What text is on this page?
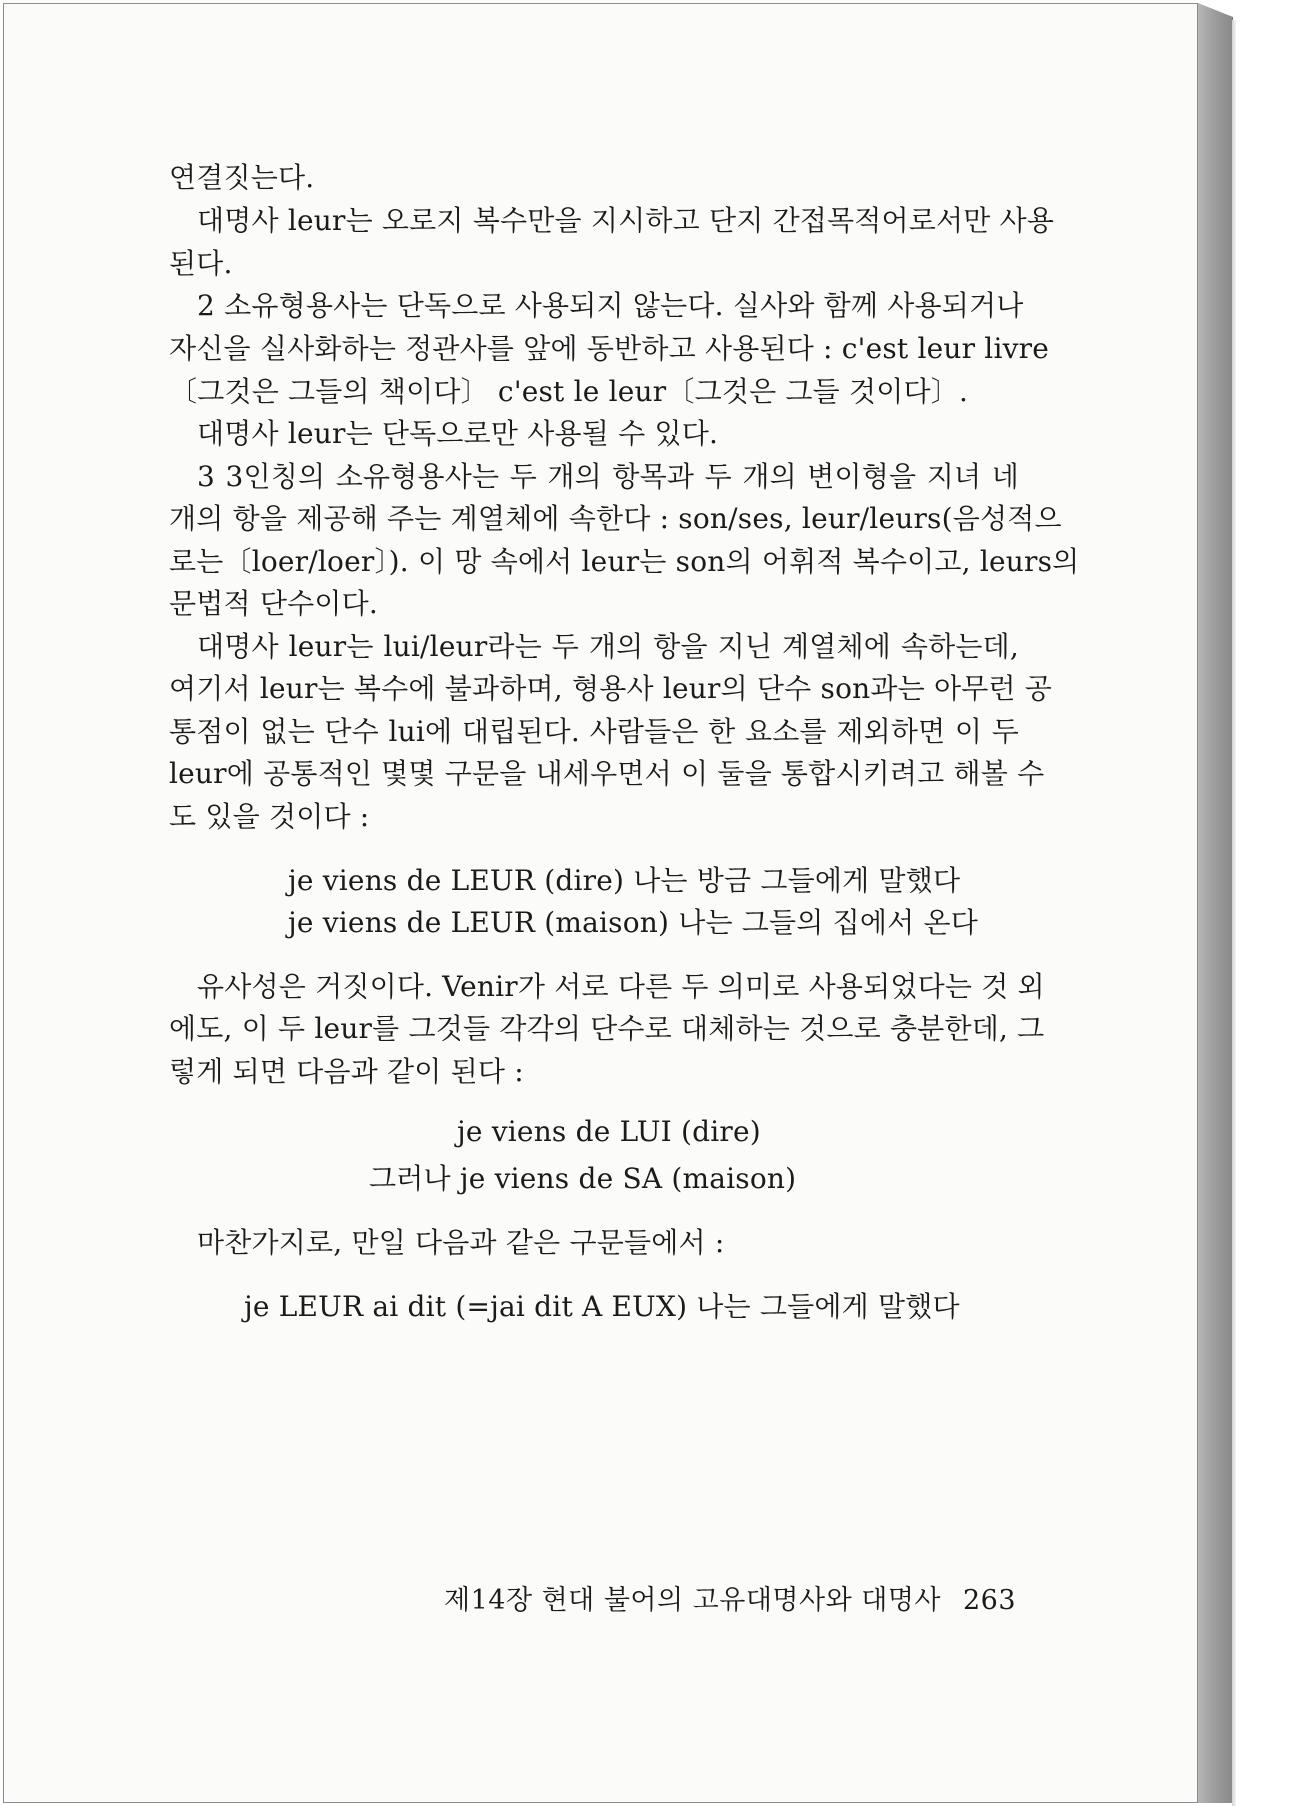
연결짓는다.
대명사 leur는 오로지 복수만을 지시하고 단지 간접목적어로서만 사용
된다.
2 소유형용사는 단독으로 사용되지 않는다. 실사와 함께 사용되거나
자신을 실사화하는 정관사를 앞에 동반하고 사용된다 : c'est leur livre
〔그것은 그들의 책이다〕 c'est le leur〔그것은 그들 것이다〕.
대명사 leur는 단독으로만 사용될 수 있다.
3 3인칭의 소유형용사는 두 개의 항목과 두 개의 변이형을 지녀 네
개의 항을 제공해 주는 계열체에 속한다 : son/ses, leur/leurs(음성적으
로는〔loer/loer〕). 이 망 속에서 leur는 son의 어휘적 복수이고, leurs의
문법적 단수이다.
대명사 leur는 lui/leur라는 두 개의 항을 지닌 계열체에 속하는데,
여기서 leur는 복수에 불과하며, 형용사 leur의 단수 son과는 아무런 공
통점이 없는 단수 lui에 대립된다. 사람들은 한 요소를 제외하면 이 두
leur에 공통적인 몇몇 구문을 내세우면서 이 둘을 통합시키려고 해볼 수
도 있을 것이다 :
je viens de LEUR (dire) 나는 방금 그들에게 말했다
je viens de LEUR (maison) 나는 그들의 집에서 온다
유사성은 거짓이다. Venir가 서로 다른 두 의미로 사용되었다는 것 외
에도, 이 두 leur를 그것들 각각의 단수로 대체하는 것으로 충분한데, 그
렇게 되면 다음과 같이 된다 :
je viens de LUI (dire)
그러나 je viens de SA (maison)
마찬가지로, 만일 다음과 같은 구문들에서 :
je LEUR ai dit (=jai dit A EUX) 나는 그들에게 말했다
제14장 현대 불어의 고유대명사와 대명사 263
